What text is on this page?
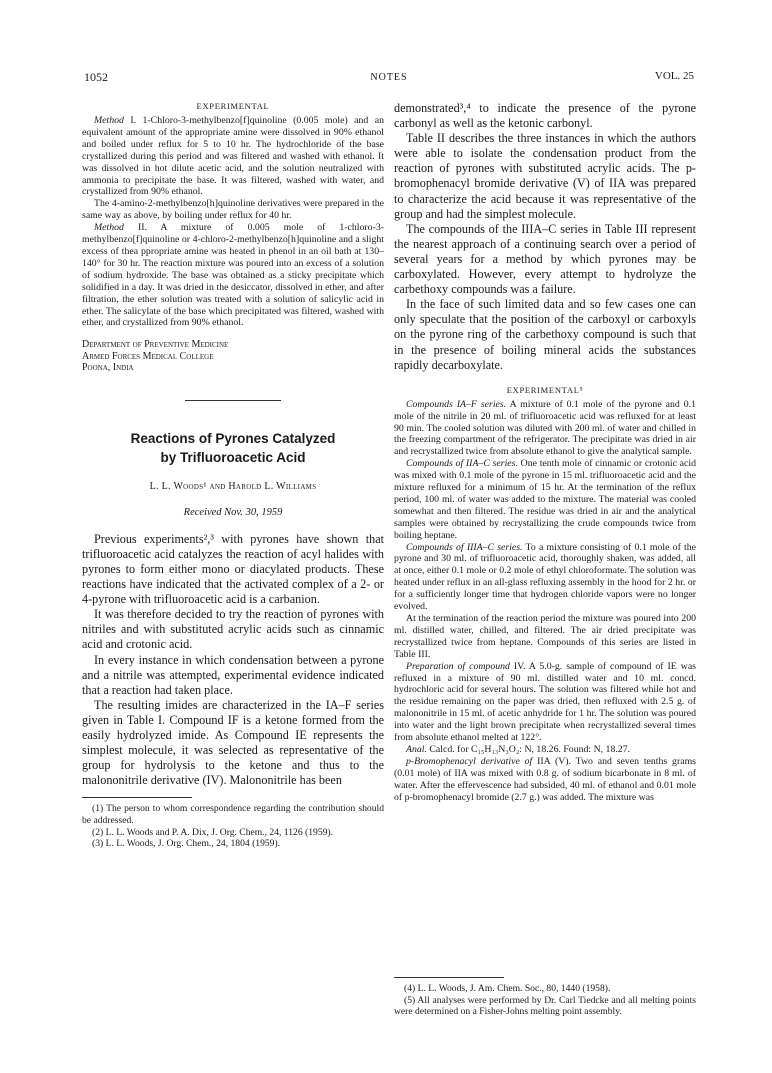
1052	NOTES	VOL. 25
EXPERIMENTAL

Method I. 1-Chloro-3-methylbenzo[f]quinoline (0.005 mole) and an equivalent amount of the appropriate amine were dissolved in 90% ethanol and boiled under reflux for 5 to 10 hr. The hydrochloride of the base crystallized during this period and was filtered and washed with ethanol. It was dissolved in hot dilute acetic acid, and the solution neutralized with ammonia to precipitate the base. It was filtered, washed with water, and crystallized from 90% ethanol.

The 4-amino-2-methylbenzo[h]quinoline derivatives were prepared in the same way as above, by boiling under reflux for 40 hr.

Method II. A mixture of 0.005 mole of 1-chloro-3-methylbenzo[f]quinoline or 4-chloro-2-methylbenzo[h]quinoline and a slight excess of thea ppropriate amine was heated in phenol in an oil bath at 130–140° for 30 hr. The reaction mixture was poured into an excess of a solution of sodium hydroxide. The base was obtained as a sticky precipitate which solidified in a day. It was dried in the desiccator, dissolved in ether, and after filtration, the ether solution was treated with a solution of salicylic acid in ether. The salicylate of the base which precipitated was filtered, washed with ether, and crystallized from 90% ethanol.

Department of Preventive Medicine
Armed Forces Medical College
Poona, India
Reactions of Pyrones Catalyzed
by Trifluoroacetic Acid
L. L. Woods¹ and Harold L. Williams
Received Nov. 30, 1959

Previous experiments²,³ with pyrones have shown that trifluoroacetic acid catalyzes the reaction of acyl halides with pyrones to form either mono or diacylated products. These reactions have indicated that the activated complex of a 2- or 4-pyrone with trifluoroacetic acid is a carbanion.

It was therefore decided to try the reaction of pyrones with nitriles and with substituted acrylic acids such as cinnamic acid and crotonic acid.

In every instance in which condensation between a pyrone and a nitrile was attempted, experimental evidence indicated that a reaction had taken place.

The resulting imides are characterized in the IA–F series given in Table I. Compound IF is a ketone formed from the easily hydrolyzed imide. As Compound IE represents the simplest molecule, it was selected as representative of the group for hydrolysis to the ketone and thus to the malononitrile derivative (IV). Malononitrile has been

(1) The person to whom correspondence regarding the contribution should be addressed.

(2) L. L. Woods and P. A. Dix, J. Org. Chem., 24, 1126 (1959).

(3) L. L. Woods, J. Org. Chem., 24, 1804 (1959).

demonstrated³,⁴ to indicate the presence of the pyrone carbonyl as well as the ketonic carbonyl.

Table II describes the three instances in which the authors were able to isolate the condensation product from the reaction of pyrones with substituted acrylic acids. The p-bromophenacyl bromide derivative (V) of IIA was prepared to characterize the acid because it was representative of the group and had the simplest molecule.

The compounds of the IIIA–C series in Table III represent the nearest approach of a continuing search over a period of several years for a method by which pyrones may be carboxylated. However, every attempt to hydrolyze the carbethoxy compounds was a failure.

In the face of such limited data and so few cases one can only speculate that the position of the carboxyl or carboxyls on the pyrone ring of the carbethoxy compound is such that in the presence of boiling mineral acids the substances rapidly decarboxylate.

EXPERIMENTAL⁵

Compounds IA–F series. A mixture of 0.1 mole of the pyrone and 0.1 mole of the nitrile in 20 ml. of trifluoroacetic acid was refluxed for at least 90 min. The cooled solution was diluted with 200 ml. of water and chilled in the freezing compartment of the refrigerator. The precipitate was dried in air and recrystallized twice from absolute ethanol to give the analytical sample.

Compounds of IIA–C series. One tenth mole of cinnamic or crotonic acid was mixed with 0.1 mole of the pyrone in 15 ml. trifluoroacetic acid and the mixture refluxed for a minimum of 15 hr. At the termination of the reflux period, 100 ml. of water was added to the mixture. The material was cooled somewhat and then filtered. The residue was dried in air and the analytical samples were obtained by recrystallizing the crude compounds twice from boiling heptane.

Compounds of IIIA–C series. To a mixture consisting of 0.1 mole of the pyrone and 30 ml. of trifluoroacetic acid, thoroughly shaken, was added, all at once, either 0.1 mole or 0.2 mole of ethyl chloroformate. The solution was heated under reflux in an all-glass refluxing assembly in the hood for 2 hr. or for a sufficiently longer time that hydrogen chloride vapors were no longer evolved.

At the termination of the reaction period the mixture was poured into 200 ml. distilled water, chilled, and filtered. The air dried precipitate was recrystallized twice from heptane. Compounds of this series are listed in Table III.

Preparation of compound IV. A 5.0-g. sample of compound of IE was refluxed in a mixture of 90 ml. distilled water and 10 ml. concd. hydrochloric acid for several hours. The solution was filtered while hot and the residue remaining on the paper was dried, then refluxed with 2.5 g. of malononitrile in 15 ml. of acetic anhydride for 1 hr. The solution was poured into water and the light brown precipitate when recrystallized several times from absolute ethanol melted at 122°.

Anal. Calcd. for C₁₅H₁₃N₃O₂: N, 18.26. Found: N, 18.27.

p-Bromophenacyl derivative of IIA (V). Two and seven tenths grams (0.01 mole) of IIA was mixed with 0.8 g. of sodium bicarbonate in 8 ml. of water. After the effervescence had subsided, 40 ml. of ethanol and 0.01 mole of p-bromophenacyl bromide (2.7 g.) was added. The mixture was

(4) L. L. Woods, J. Am. Chem. Soc., 80, 1440 (1958).

(5) All analyses were performed by Dr. Carl Tiedcke and all melting points were determined on a Fisher-Johns melting point assembly.
